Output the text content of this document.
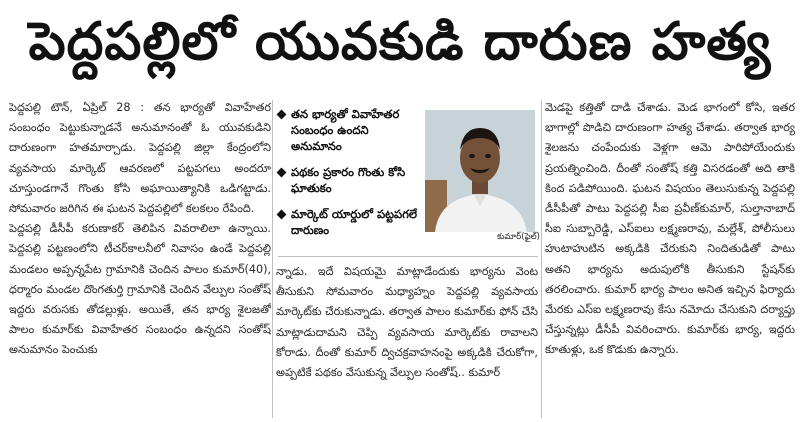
పెద్దపల్లిలో యువకుడి దారుణ హత్య

పెద్దపల్లి టౌన్‌, ఏప్రిల్‌ 28 : తన భార్యతో వివాహేతర సంబంధం పెట్టుకున్నాడనే అనుమానంతో ఓ యువకుడిని దారుణంగా హతమార్చాడు. పెద్దపల్లి జిల్లా కేంద్రంలోని వ్యవసాయ మార్కెట్‌ ఆవరణలో పట్టపగలు అందరూ చూస్తుండగానే గొంతు కోసి అఘాయిత్యానికి ఒడిగట్టాడు. సోమవారం జరిగిన ఈ ఘటన పెద్దపల్లిలో కలకలం రేపింది.

పెద్దపల్లి డీసీపీ కరుణాకర్‌ తెలిపిన వివరాలిలా ఉన్నాయి. పెద్దపల్లి పట్టణంలోని టీచర్‌కాలనీలో నివాసం ఉండే పెద్దపల్లి మండలం అప్పన్నపేట గ్రామానికి చెందిన పాలం కుమార్‌(40), ధర్మారం మండల దొంగతుర్తి గ్రామానికి చెందిన వేల్పుల సంతోష్‌ ఇద్దరు వరుసకు తోడల్లుళ్లు. అయితే, తన భార్య శైలజతో పాలం కుమార్‌కు వివాహేతర సంబంధం ఉన్నదని సంతోష్‌ అనుమానం పెంచుకు

తన భార్యతో వివాహేతర సంబంధం ఉందని అనుమానం
పథకం ప్రకారం గొంతు కోసి ఘాతుకం
మార్కెట్‌ యార్డులో పట్టపగలే దారుణం	కుమార్‌(ఫైల్‌)

న్నాడు. ఇదే విషయమై మాట్లాడేందుకు భార్యను వెంట తీసుకుని సోమవారం మధ్యాహ్నం పెద్దపల్లి వ్యవసాయ మార్కెట్‌కు చేరుకున్నాడు. తర్వాత పాలం కుమార్‌కు ఫోన్‌ చేసి మాట్లాడుదామని చెప్పి వ్యవసాయ మార్కెట్‌కు రావాలని కోరాడు. దీంతో కుమార్‌ ద్విచక్రవాహనంపై అక్కడికి చేరుకోగా, అప్పటికే పథకం వేసుకున్న వేల్పుల సంతోష్‌.. కుమార్‌

మెడపై కత్తితో దాడి చేశాడు. మెడ భాగంలో కోసి, ఇతర భాగాల్లో పొడిచి దారుణంగా హత్య చేశాడు. తర్వాత భార్య శైలజను చంపేందుకు వెళ్లగా ఆమె పారిపోయేందుకు ప్రయత్నించింది. దీంతో సంతోష్‌ కత్తి విసరడంతో అది తాకి కింద పడిపోయింది. ఘటన విషయం తెలుసుకున్న పెద్దపల్లి డీసీపీతో పాటు పెద్దపల్లి సీఐ ప్రవీణ్‌కుమార్‌, సుల్తానాబాద్‌ సీఐ సుబ్బారెడ్డి, ఎస్‌ఐలు లక్ష్మణరావు, మల్లేశ్‌, పోలీసులు హుటాహుటిన అక్కడికి చేరుకుని నిందితుడితో పాటు అతని భార్యను అదుపులోకి తీసుకుని స్టేషన్‌కు తరలించారు. కుమార్‌ భార్య పాలం అనిత ఇచ్చిన ఫిర్యాదు మేరకు ఎస్‌ఐ లక్ష్మణరావు కేసు నమోదు చేసుకుని దర్యాప్తు చేస్తున్నట్లు డీసీపీ వివరించారు. కుమార్‌కు భార్య, ఇద్దరు కూతుళ్లు, ఒక కొడుకు ఉన్నారు.
